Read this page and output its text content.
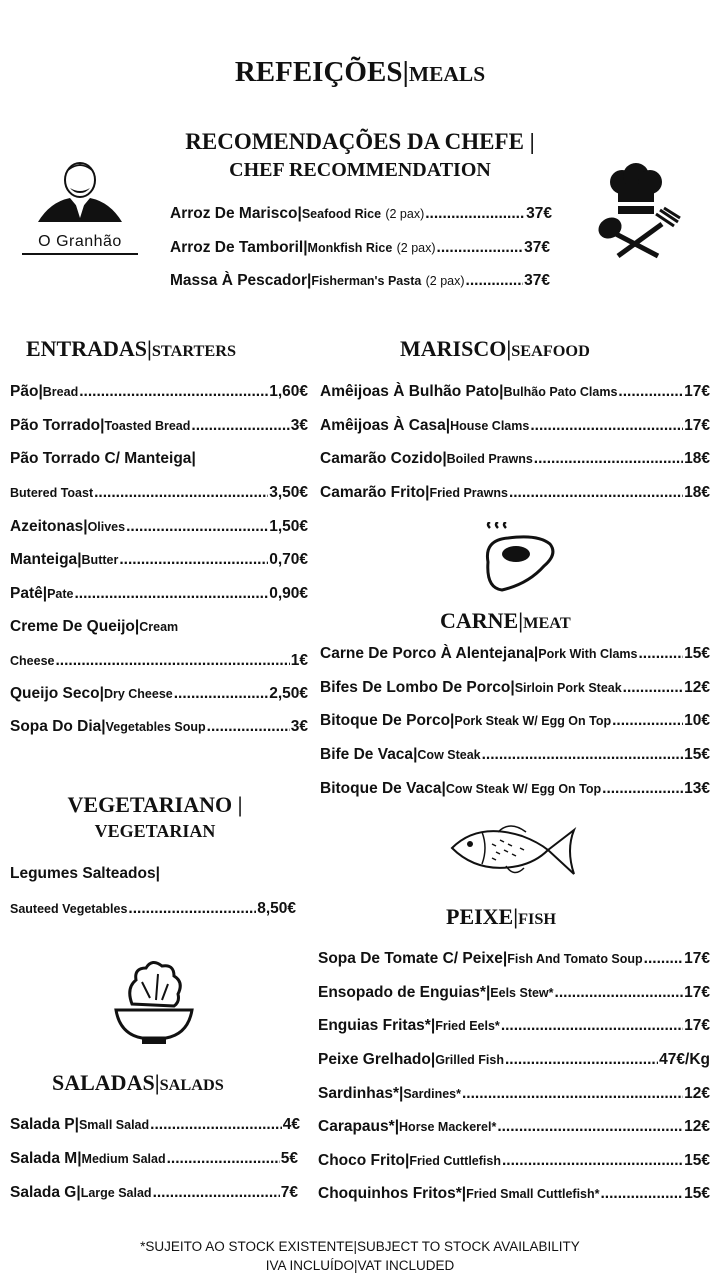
REFEIÇÕES|MEALS
RECOMENDAÇÕES DA CHEFE |
CHEF RECOMMENDATION
O Granhão
Arroz De Marisco | Seafood Rice
(2 pax) .....	37€
Arroz De Tamboril | Monkfish Rice
(2 pax) .....	37€
Massa À Pescador | Fisherman's Pasta
(2 pax) .....	37€
ENTRADAS|STARTERS
Pão | Bread .....	1,60€
Pão Torrado | Toasted Bread .....	3€
Pão Torrado C/ Manteiga |
Butered Toast .....	3,50€
Azeitonas | Olives .....	1,50€
Manteiga | Butter .....	0,70€
Patê | Pate .....	0,90€
Creme De Queijo | Cream
Cheese .....	1€
Queijo Seco | Dry Cheese .....	2,50€
Sopa Do Dia | Vegetables Soup .....	3€
VEGETARIANO |
VEGETARIAN
Legumes Salteados |
Sauteed Vegetables .....	8,50€
SALADAS|SALADS
Salada P | Small Salad .....	4€
Salada M | Medium Salad .....	5€
Salada G | Large Salad .....	7€
MARISCO|SEAFOOD
Amêijoas À Bulhão Pato | Bulhão Pato Clams .....	17€
Amêijoas À Casa | House Clams .....	17€
Camarão Cozido | Boiled Prawns .....	18€
Camarão Frito | Fried Prawns .....	18€
CARNE|MEAT
Carne De Porco À Alentejana | Pork With Clams .....	15€
Bifes De Lombo De Porco | Sirloin Pork Steak .....	12€
Bitoque De Porco | Pork Steak W/ Egg On Top .....	10€
Bife De Vaca | Cow Steak .....	15€
Bitoque De Vaca | Cow Steak W/ Egg On Top .....	13€
PEIXE|FISH
Sopa De Tomate C/ Peixe | Fish And Tomato Soup .....	17€
Ensopado de Enguias* | Eels Stew* .....	17€
Enguias Fritas* | Fried Eels* .....	17€
Peixe Grelhado | Grilled Fish .....	47€/Kg
Sardinhas* | Sardines* .....	12€
Carapaus* | Horse Mackerel* .....	12€
Choco Frito | Fried Cuttlefish .....	15€
Choquinhos Fritos* | Fried Small Cuttlefish* .....	15€
*SUJEITO AO STOCK EXISTENTE|SUBJECT TO STOCK AVAILABILITY
IVA INCLUÍDO|VAT INCLUDED
